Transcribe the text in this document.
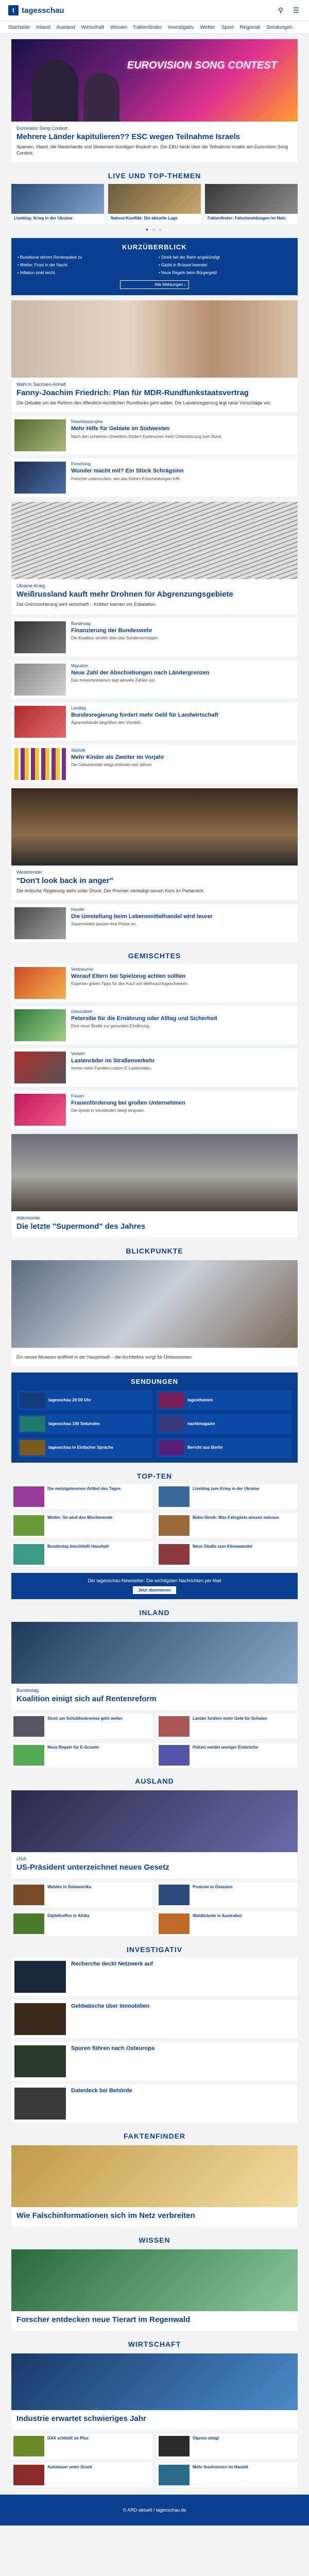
t tagesschau	⚲ ☰
Startseite Inland Ausland Wirtschaft Wissen Faktenfinder Investigativ Wetter Sport Regional Sendungen
EUROVISION SONG CONTEST
Eurovision Song Contest
Mehrere Länder kapitulieren?? ESC wegen Teilnahme Israels
Spanien, Irland, die Niederlande und Slowenien kündigen Boykott an. Die EBU berät über die Teilnahme Israels am Eurovision Song Contest.
LIVE UND TOP-THEMEN
Liveblog: Krieg in der Ukraine	Nahost-Konflikt: Die aktuelle Lage	Faktenfinder: Falschmeldungen im Netz
● ○ ○
KURZÜBERBLICK
• Bundesrat stimmt Rentenpaket zu	• Streik bei der Bahn angekündigt
• Wetter: Frost in der Nacht	• Gipfel in Brüssel beendet
• Inflation sinkt leicht	• Neue Regeln beim Bürgergeld
Alle Meldungen ›
Wahl in Sachsen-Anhalt
Fanny-Joachim Friedrich: Plan für MDR-Rundfunkstaatsvertrag
Die Debatte um die Reform des öffentlich-rechtlichen Rundfunks geht weiter. Die Landesregierung legt neue Vorschläge vor.
Naturkatastrophe
Mehr Hilfe für Gebiete im Südwesten
Nach den schweren Unwettern fordern Kommunen mehr Unterstützung vom Bund.
Forschung
Wunder macht mit? Ein Stück Schrägsinn
Forscher untersuchen, wie das Gehirn Entscheidungen trifft.
Ukraine-Krieg
Weißrussland kauft mehr Drohnen für Abgrenzungsgebiete
Die Grenzsicherung wird verschärft – Kritiker warnen vor Eskalation.
Bundestag
Finanzierung der Bundeswehr
Die Koalition streitet über das Sondervermögen.
Migration
Neue Zahl der Abschiebungen nach Ländergrenzen
Das Innenministerium legt aktuelle Zahlen vor.
Landtag
Bundesregierung fordert mehr Geld für Landwirtschaft
Agrarverbände begrüßen den Vorstoß.
Statistik
Mehr Kinder als Zweiter im Vorjahr
Die Geburtenrate steigt erstmals seit Jahren.
Westminster
"Don't look back in anger"
Die britische Regierung steht unter Druck. Der Premier verteidigt seinen Kurs im Parlament.
Handel
Die Umstellung beim Lebensmittelhandel wird teurer
Supermärkte passen ihre Preise an.
GEMISCHTES
Verbraucher
Worauf Eltern bei Spielzeug achten sollten
Experten geben Tipps für den Kauf von Weihnachtsgeschenken.
Gesundheit
Petersilie für die Ernährung oder Alltag und Sicherheit
Eine neue Studie zur gesunden Ernährung.
Verkehr
Lastenräder im Straßenverkehr
Immer mehr Familien nutzen E-Lastenräder.
Frauen
Frauenförderung bei großen Unternehmen
Die Quote in Vorständen steigt langsam.
Astronomie
Die letzte "Supermond" des Jahres
BLICKPUNKTE
Ein neues Museum eröffnet in der Hauptstadt – die Architektur sorgt für Diskussionen.
SENDUNGEN
tagesschau 20:00 Uhr	tagesthemen
tagesschau 100 Sekunden	nachtmagazin
tagesschau in Einfacher Sprache	Bericht aus Berlin
TOP-TEN
Die meistgelesenen Artikel des Tages	Liveblog zum Krieg in der Ukraine
Wetter: So wird das Wochenende	Bahn-Streik: Was Fahrgäste wissen müssen
Bundestag beschließt Haushalt	Neue Studie zum Klimawandel
Der tagesschau-Newsletter: Die wichtigsten Nachrichten per Mail
Jetzt abonnieren
INLAND
Bundestag
Koalition einigt sich auf Rentenreform
Streit um Schuldenbremse geht weiter	Länder fordern mehr Geld für Schulen
Neue Regeln für E-Scooter	Polizei meldet weniger Einbrüche
AUSLAND
USA
US-Präsident unterzeichnet neues Gesetz
Wahlen in Südamerika	Proteste in Ostasien
Gipfeltreffen in Afrika	Waldbrände in Australien
INVESTIGATIV
Recherche deckt Netzwerk auf
Geldwäsche über Immobilien
Spuren führen nach Osteuropa
Datenleck bei Behörde
FAKTENFINDER
Wie Falschinformationen sich im Netz verbreiten
WISSEN
Forscher entdecken neue Tierart im Regenwald
WIRTSCHAFT
Industrie erwartet schwieriges Jahr
DAX schließt im Plus	Ölpreis steigt
Autobauer unter Druck	Mehr Insolvenzen im Handel
© ARD-aktuell / tagesschau.de
